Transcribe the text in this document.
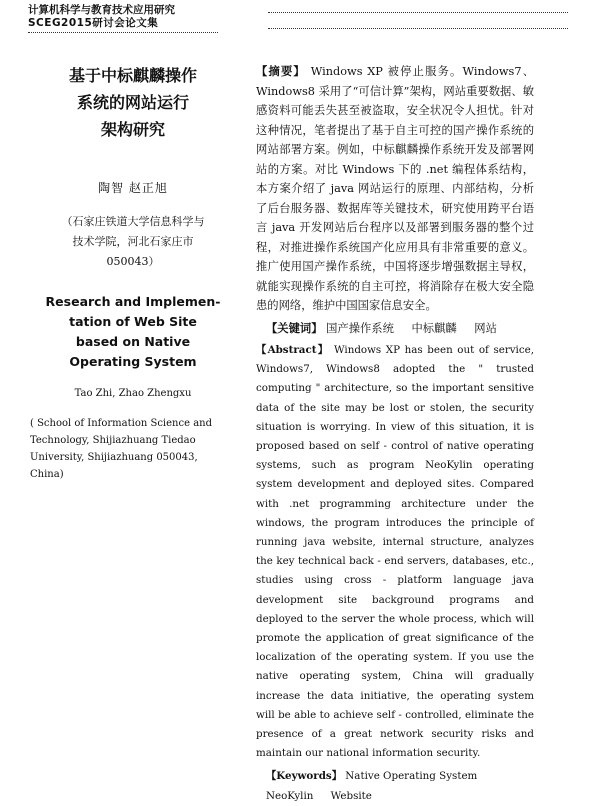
计算机科学与教育技术应用研究
SCEG2015研讨会论文集
基于中标麒麟操作
系统的网站运行
架构研究
陶智 赵正旭
（石家庄铁道大学信息科学与
技术学院，河北石家庄市
050043）
Research and Implemen-
tation of Web Site
based on Native
Operating System
Tao Zhi, Zhao Zhengxu
( School of Information Science and
Technology, Shijiazhuang Tiedao
University, Shijiazhuang 050043,
China)
【摘要】 Windows XP 被停止服务。Windows7、Windows8 采用了“可信计算”架构，网站重要数据、敏感资料可能丢失甚至被盗取，安全状况令人担忧。针对这种情况，笔者提出了基于自主可控的国产操作系统的网站部署方案。例如，中标麒麟操作系统开发及部署网站的方案。对比 Windows 下的 .net 编程体系结构，本方案介绍了 java 网站运行的原理、内部结构，分析了后台服务器、数据库等关键技术，研究使用跨平台语言 java 开发网站后台程序以及部署到服务器的整个过程，对推进操作系统国产化应用具有非常重要的意义。推广使用国产操作系统，中国将逐步增强数据主导权，就能实现操作系统的自主可控，将消除存在极大安全隐患的网络，维护中国国家信息安全。
【关键词】 国产操作系统 中标麒麟 网站
【Abstract】 Windows XP has been out of service, Windows7, Windows8 adopted the " trusted computing " architecture, so the important sensitive data of the site may be lost or stolen, the security situation is worrying. In view of this situation, it is proposed based on self - control of native operating systems, such as program NeoKylin operating system development and deployed sites. Compared with .net programming architecture under the windows, the program introduces the principle of running java website, internal structure, analyzes the key technical back - end servers, databases, etc., studies using cross - platform language java development site background programs and deployed to the server the whole process, which will promote the application of great significance of the localization of the operating system. If you use the native operating system, China will gradually increase the data initiative, the operating system will be able to achieve self - controlled, eliminate the presence of a great network security risks and maintain our national information security.
【Keywords】 Native Operating System NeoKylin Website
